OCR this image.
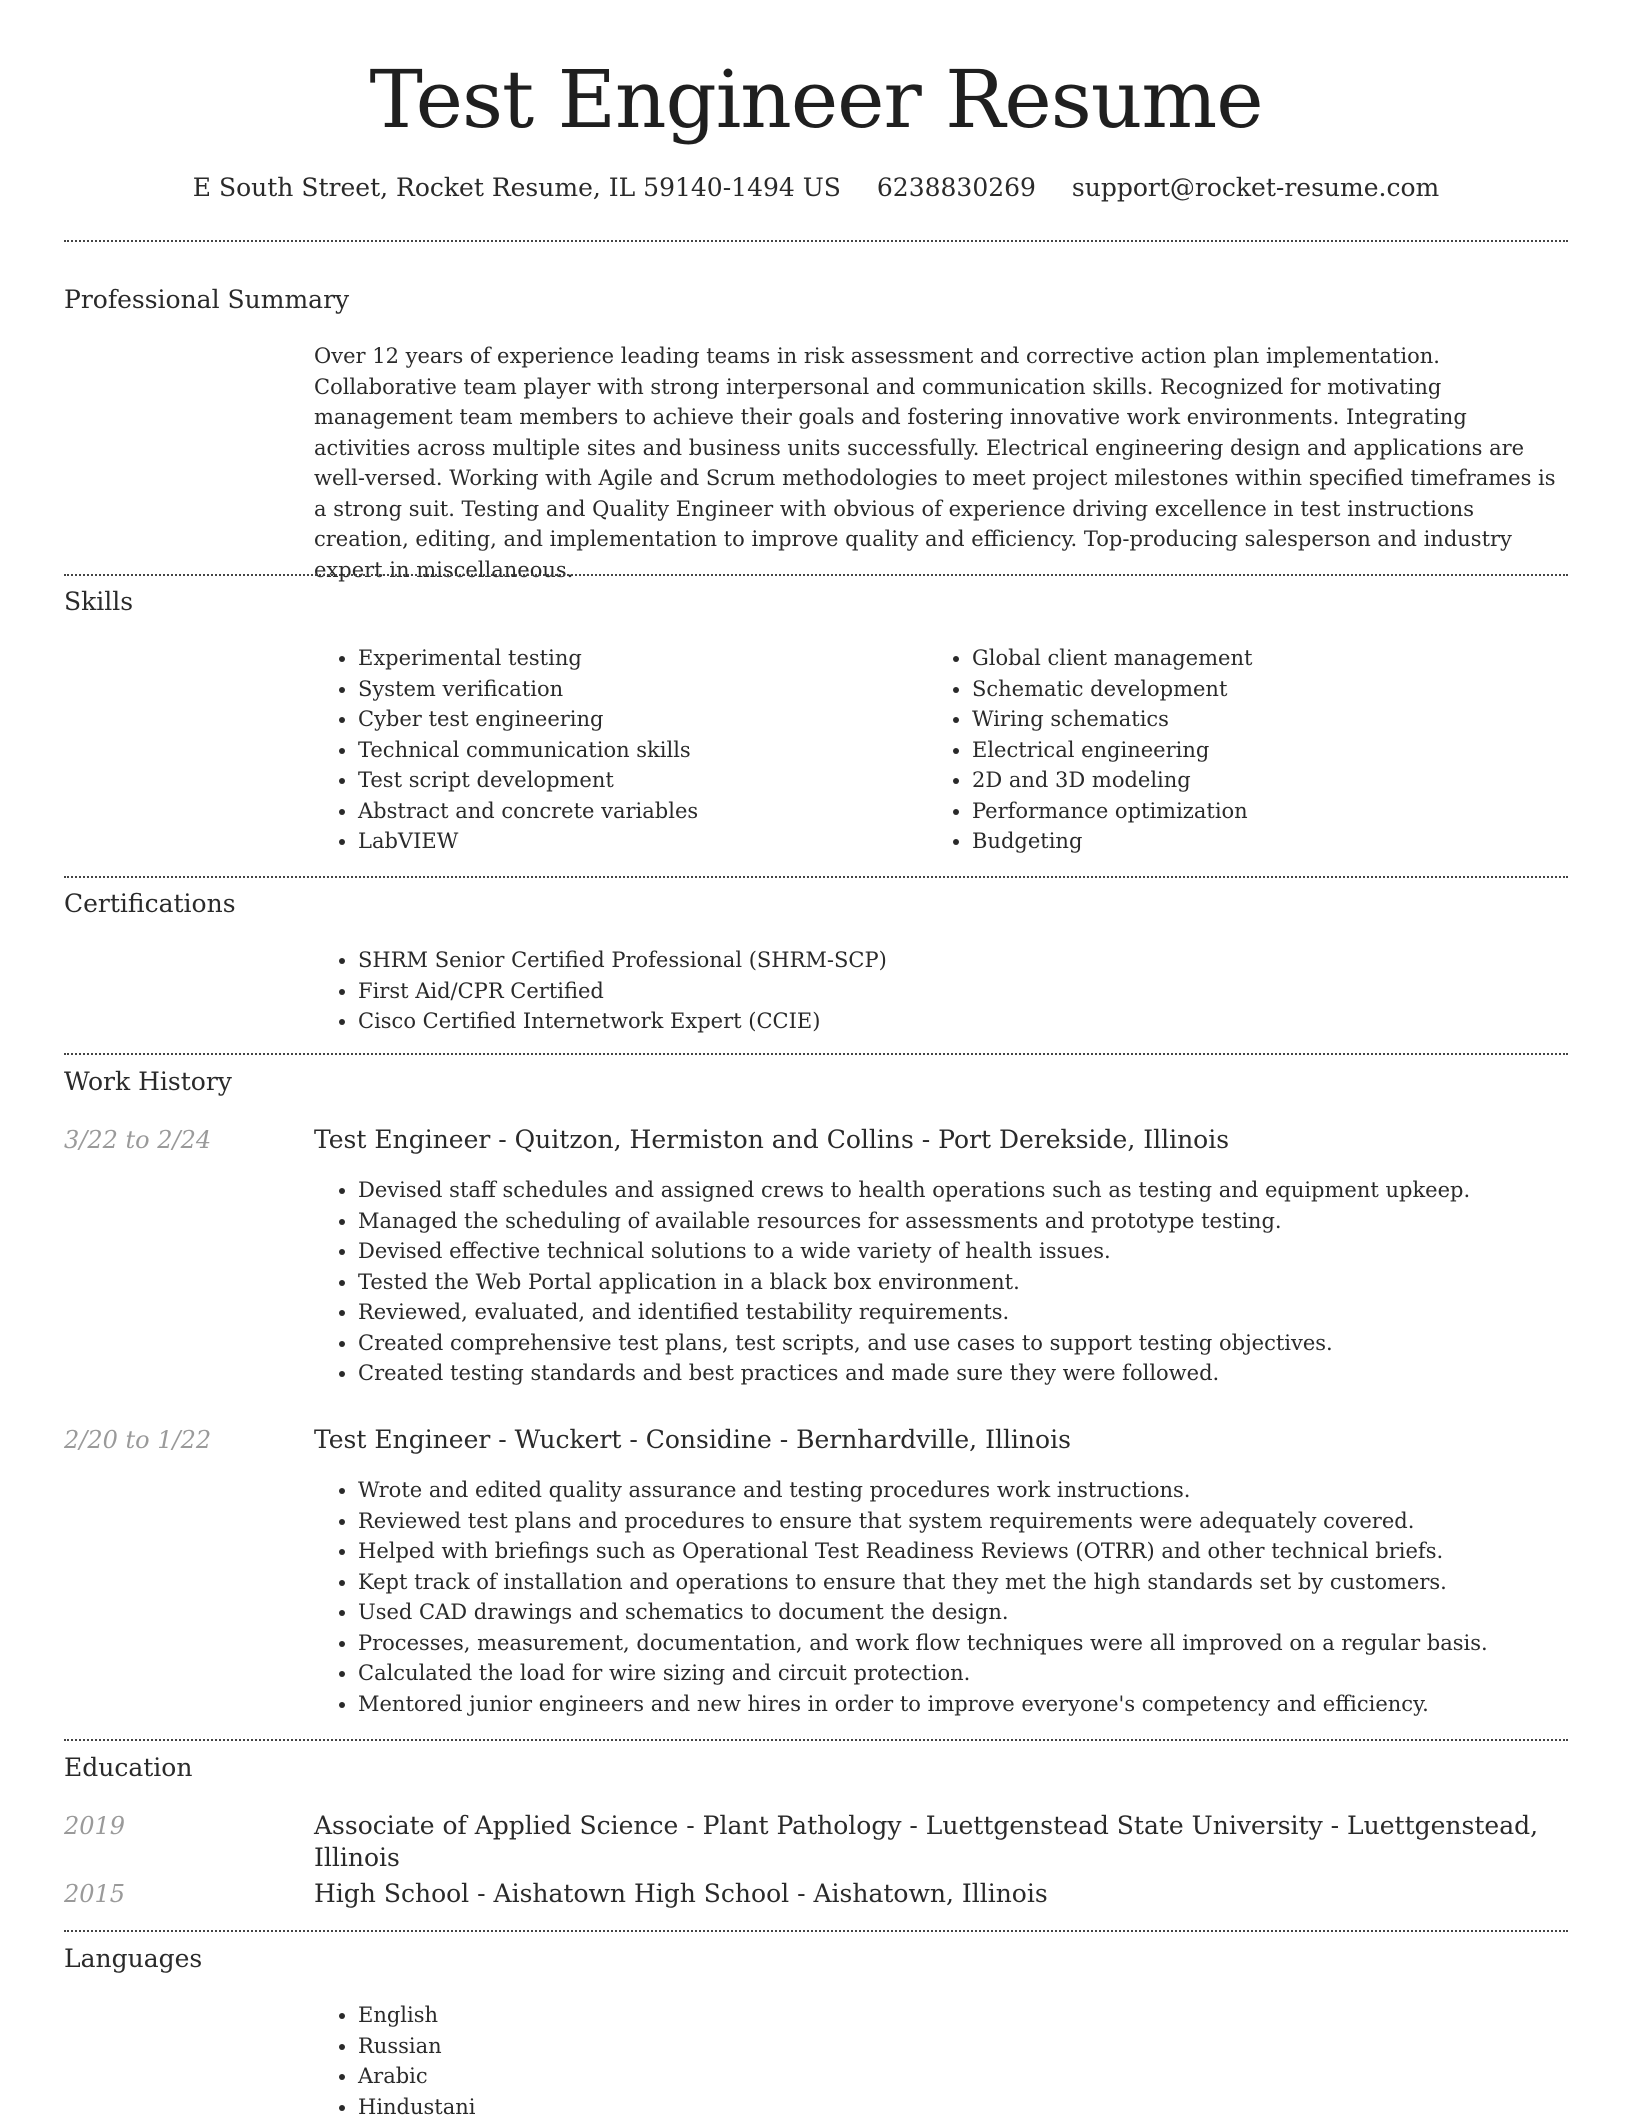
Test Engineer Resume
E South Street, Rocket Resume, IL 59140-1494 US 6238830269 support@rocket-resume.com
Professional Summary

Over 12 years of experience leading teams in risk assessment and corrective action plan implementation. Collaborative team player with strong interpersonal and communication skills. Recognized for motivating management team members to achieve their goals and fostering innovative work environments. Integrating activities across multiple sites and business units successfully. Electrical engineering design and applications are well-versed. Working with Agile and Scrum methodologies to meet project milestones within specified timeframes is a strong suit. Testing and Quality Engineer with obvious of experience driving excellence in test instructions creation, editing, and implementation to improve quality and efficiency. Top-producing salesperson and industry expert in miscellaneous.

Skills
• Experimental testing
• System verification
• Cyber test engineering
• Technical communication skills
• Test script development
• Abstract and concrete variables
• LabVIEW
• Global client management
• Schematic development
• Wiring schematics
• Electrical engineering
• 2D and 3D modeling
• Performance optimization
• Budgeting
Certifications
• SHRM Senior Certified Professional (SHRM-SCP)
• First Aid/CPR Certified
• Cisco Certified Internetwork Expert (CCIE)
Work History
3/22 to 2/24	Test Engineer - Quitzon, Hermiston and Collins - Port Derekside, Illinois
• Devised staff schedules and assigned crews to health operations such as testing and equipment upkeep.
• Managed the scheduling of available resources for assessments and prototype testing.
• Devised effective technical solutions to a wide variety of health issues.
• Tested the Web Portal application in a black box environment.
• Reviewed, evaluated, and identified testability requirements.
• Created comprehensive test plans, test scripts, and use cases to support testing objectives.
• Created testing standards and best practices and made sure they were followed.
2/20 to 1/22	Test Engineer - Wuckert - Considine - Bernhardville, Illinois
• Wrote and edited quality assurance and testing procedures work instructions.
• Reviewed test plans and procedures to ensure that system requirements were adequately covered.
• Helped with briefings such as Operational Test Readiness Reviews (OTRR) and other technical briefs.
• Kept track of installation and operations to ensure that they met the high standards set by customers.
• Used CAD drawings and schematics to document the design.
• Processes, measurement, documentation, and work flow techniques were all improved on a regular basis.
• Calculated the load for wire sizing and circuit protection.
• Mentored junior engineers and new hires in order to improve everyone's competency and efficiency.
Education
2019	Associate of Applied Science - Plant Pathology - Luettgenstead State University - Luettgenstead, Illinois
2015	High School - Aishatown High School - Aishatown, Illinois
Languages
• English
• Russian
• Arabic
• Hindustani
